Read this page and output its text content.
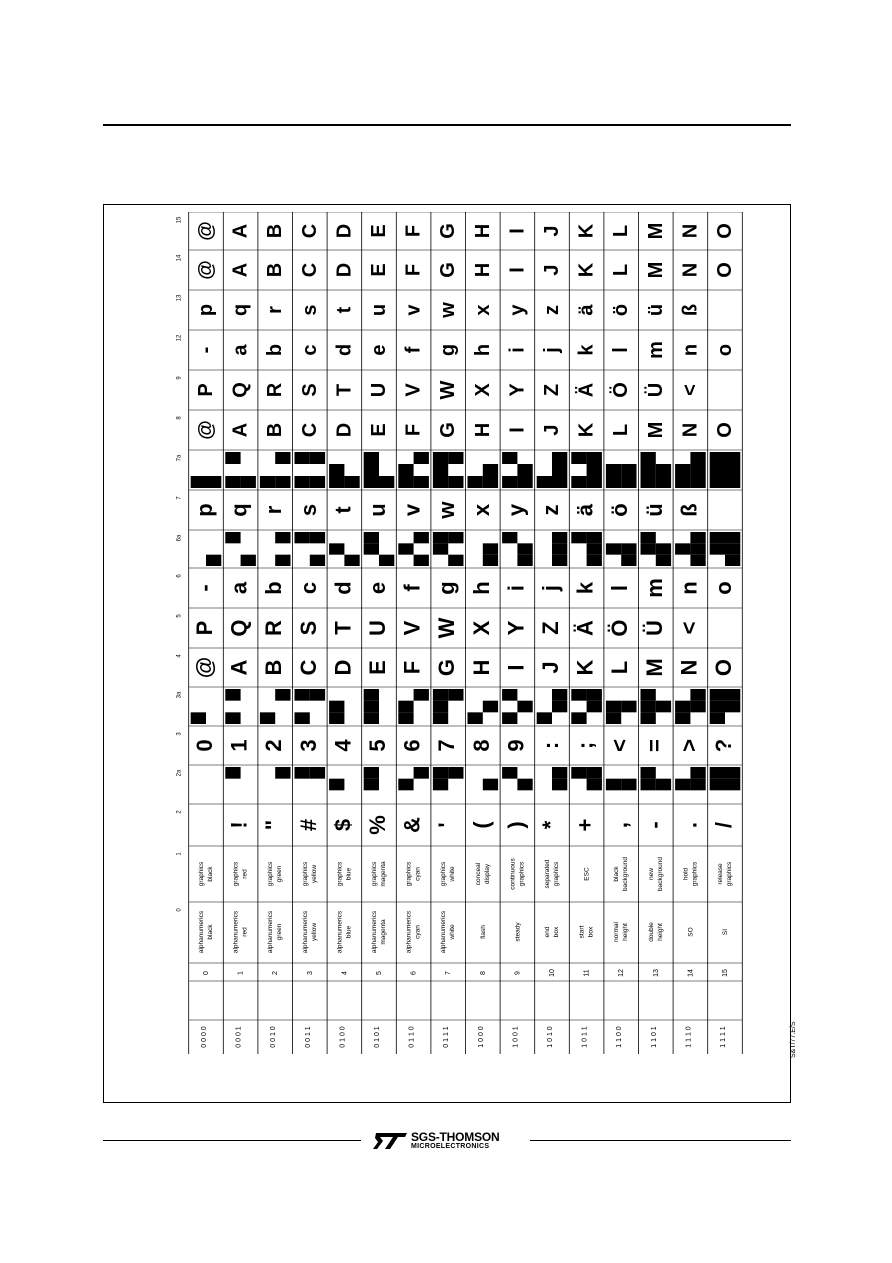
0 0 0 0
0
alphanumerics black
graphics black
0
@
P
-
p
@
P
-
p
@
@
0 0 0 1
1
alphanumerics red
graphics red
!
1
A
Q
a
q
A
Q
a
q
A
A
0 0 1 0
2
alphanumerics green
graphics green
"
2
B
R
b
r
B
R
b
r
B
B
0 0 1 1
3
alphanumerics yellow
graphics yellow
#
3
C
S
c
s
C
S
c
s
C
C
0 1 0 0
4
alphanumerics blue
graphics blue
$
4
D
T
d
t
D
T
d
t
D
D
0 1 0 1
5
alphanumerics magenta
graphics magenta
%
5
E
U
e
u
E
U
e
u
E
E
0 1 1 0
6
alphanumerics cyan
graphics cyan
&
6
F
V
f
v
F
V
f
v
F
F
0 1 1 1
7
alphanumerics white
graphics white
'
7
G
W
g
w
G
W
g
w
G
G
1 0 0 0
8
flash
conceal display
(
8
H
X
h
x
H
X
h
x
H
H
1 0 0 1
9
steady
continuous graphics
)
9
I
Y
i
y
I
Y
i
y
I
I
1 0 1 0
10
end box
separated graphics
*
:
J
Z
j
z
J
Z
j
z
J
J
1 0 1 1
11
start box
ESC
+
;
K
Ä
k
ä
K
Ä
k
ä
K
K
1 1 0 0
12
normal height
black background
,
<
L
Ö
l
ö
L
Ö
l
ö
L
L
1 1 0 1
13
double height
new background
-
=
M
Ü
m
ü
M
Ü
m
ü
M
M
1 1 1 0
14
SO
hold graphics
.
>
N
<
n
ß
N
<
n
ß
N
N
1 1 1 1
15
SI
release graphics
/
?
O
o
O
o
O
O
0
1
2
2a
3
3a
4
5
6
6a
7
7a
8
9
12
13
14
15
S&T/77.E/S
SGS-THOMSON
MICROELECTRONICS
